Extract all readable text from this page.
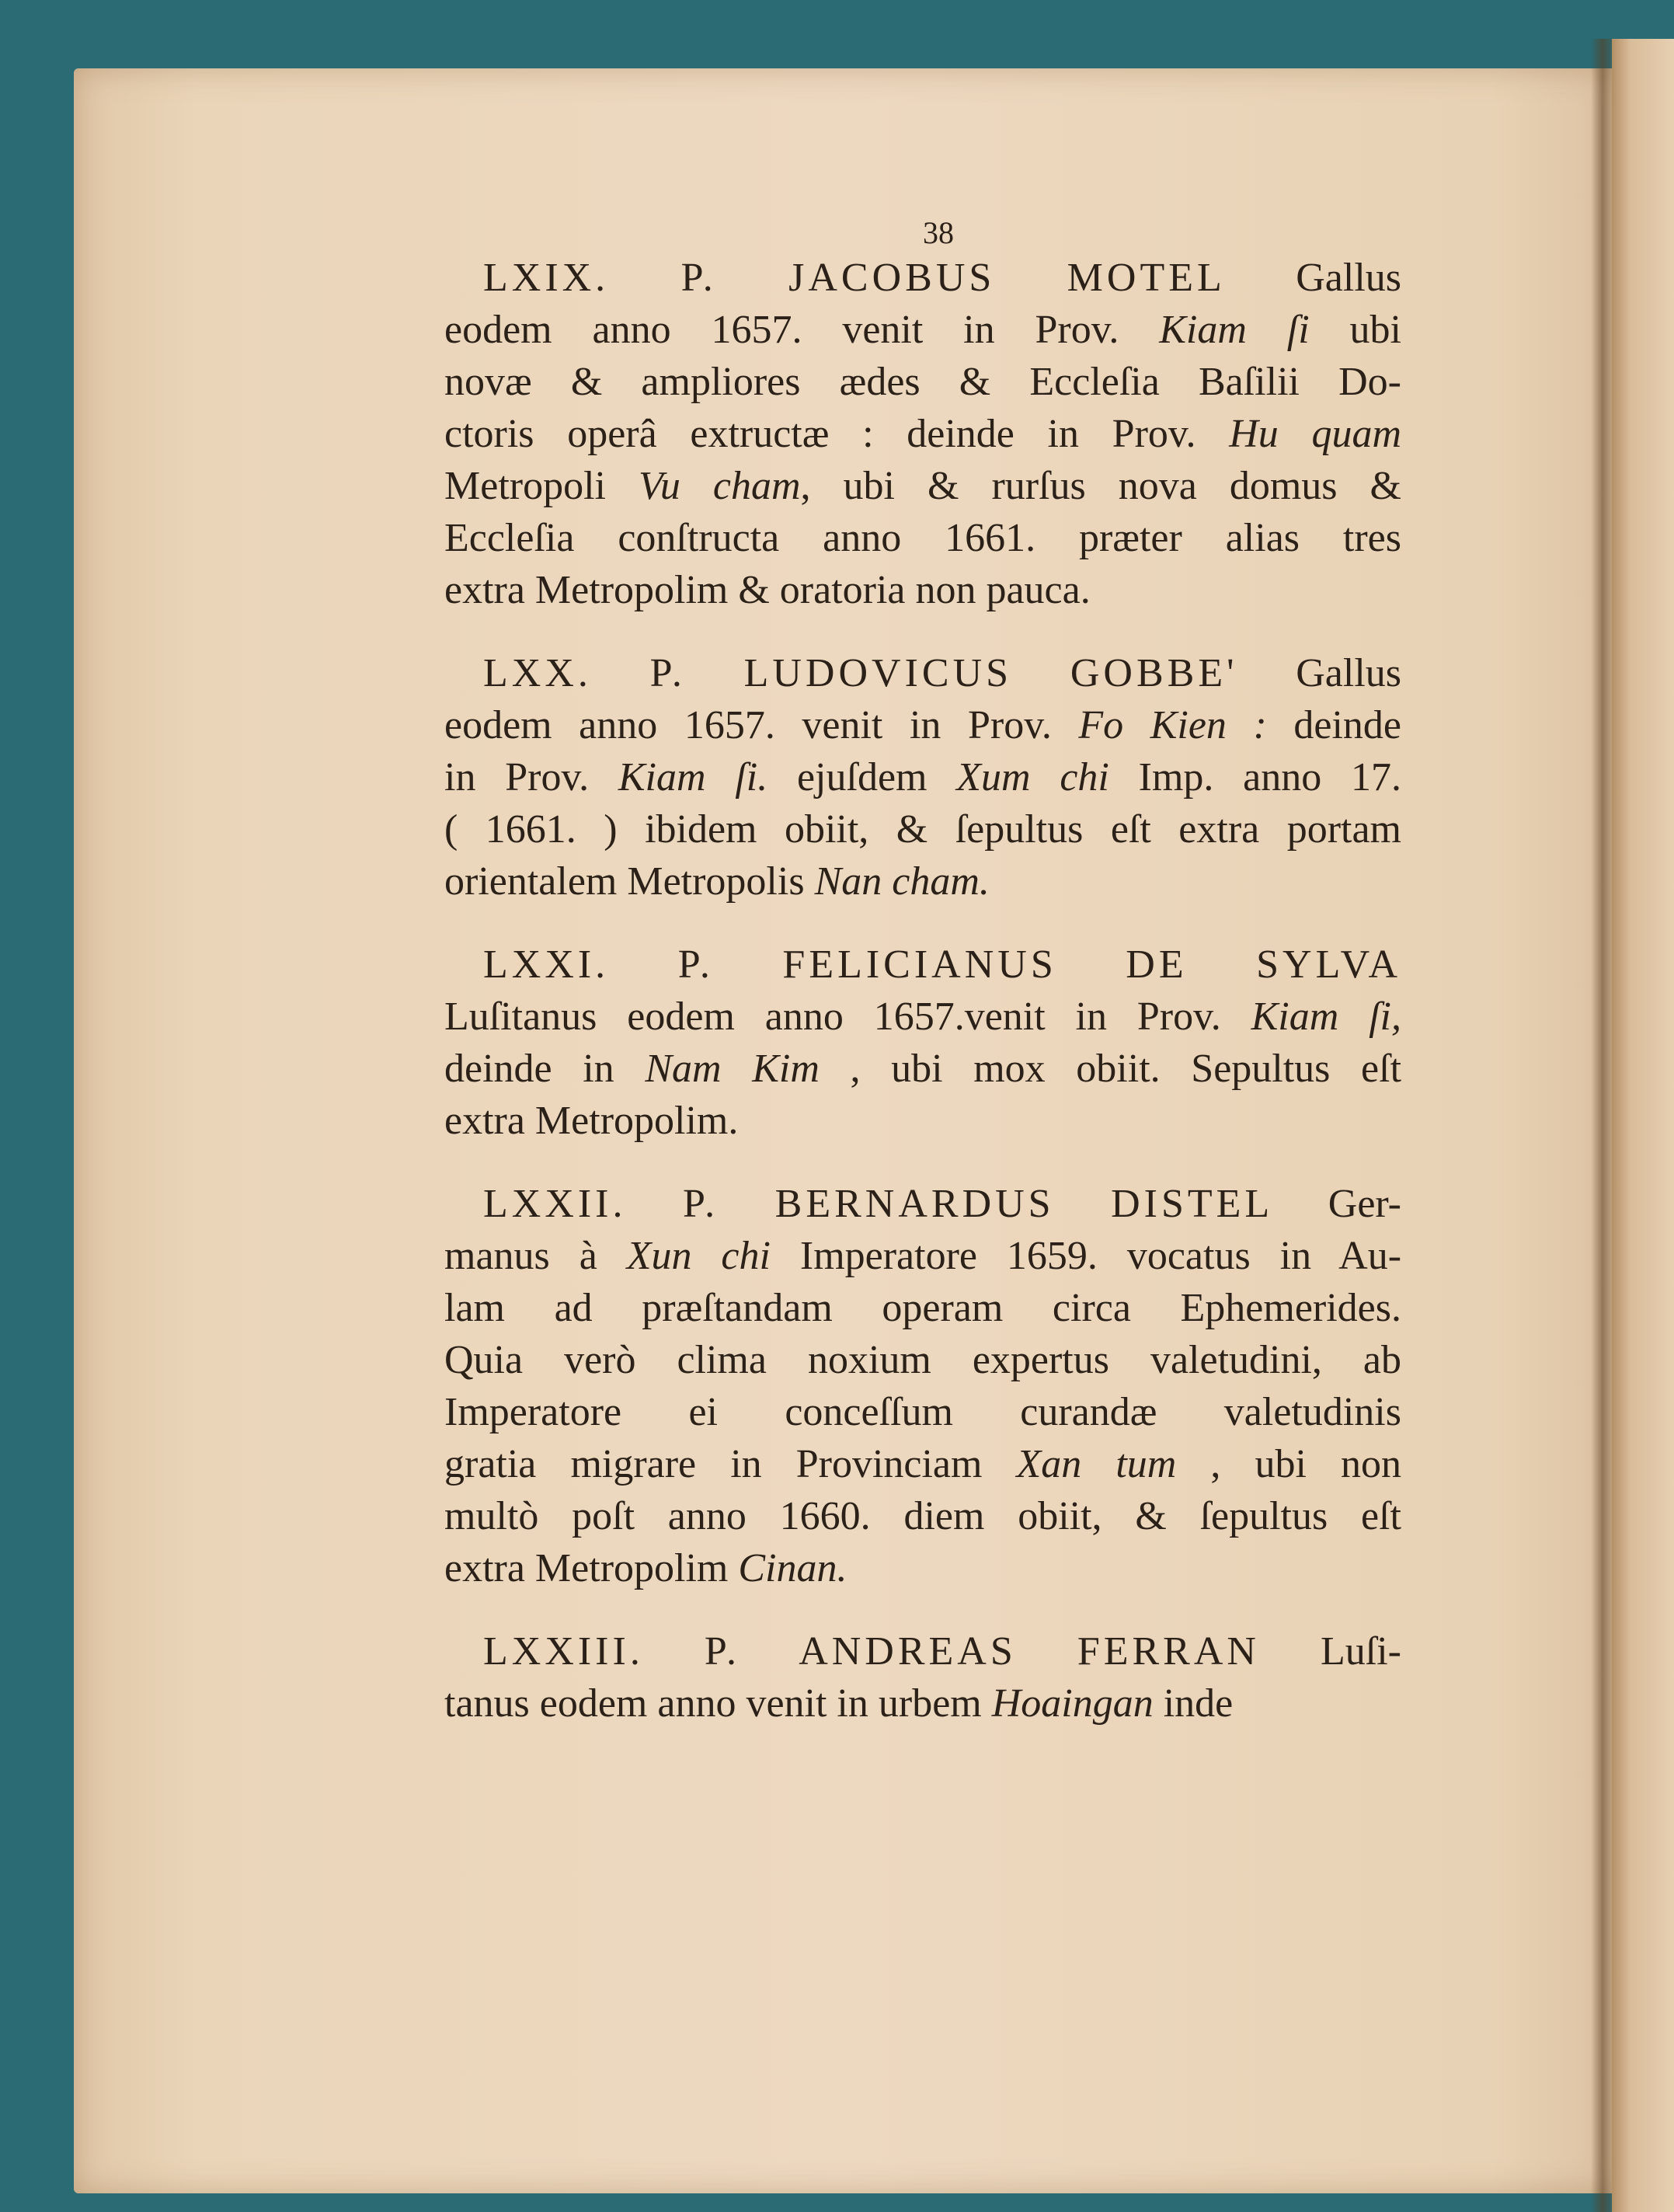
38
LXIX. P. JACOBUS MOTEL Gallus
eodem anno 1657. venit in Prov. Kiam ſi ubi
novæ & ampliores ædes & Eccleſia Baſilii Do-
ctoris operâ extructæ : deinde in Prov. Hu quam
Metropoli Vu cham, ubi & rurſus nova domus &
Eccleſia conſtructa anno 1661. præter alias tres
extra Metropolim & oratoria non pauca.
LXX. P. LUDOVICUS GOBBE' Gallus
eodem anno 1657. venit in Prov. Fo Kien : deinde
in Prov. Kiam ſi. ejuſdem Xum chi Imp. anno 17.
( 1661. ) ibidem obiit, & ſepultus eſt extra portam
orientalem Metropolis Nan cham.
LXXI. P. FELICIANUS DE SYLVA
Luſitanus eodem anno 1657.venit in Prov. Kiam ſi,
deinde in Nam Kim , ubi mox obiit. Sepultus eſt
extra Metropolim.
LXXII. P. BERNARDUS DISTEL Ger-
manus à Xun chi Imperatore 1659. vocatus in Au-
lam ad præſtandam operam circa Ephemerides.
Quia verò clima noxium expertus valetudini, ab
Imperatore ei conceſſum curandæ valetudinis
gratia migrare in Provinciam Xan tum , ubi non
multò poſt anno 1660. diem obiit, & ſepultus eſt
extra Metropolim Cinan.
LXXIII. P. ANDREAS FERRAN Luſi-
tanus eodem anno venit in urbem Hoaingan inde
